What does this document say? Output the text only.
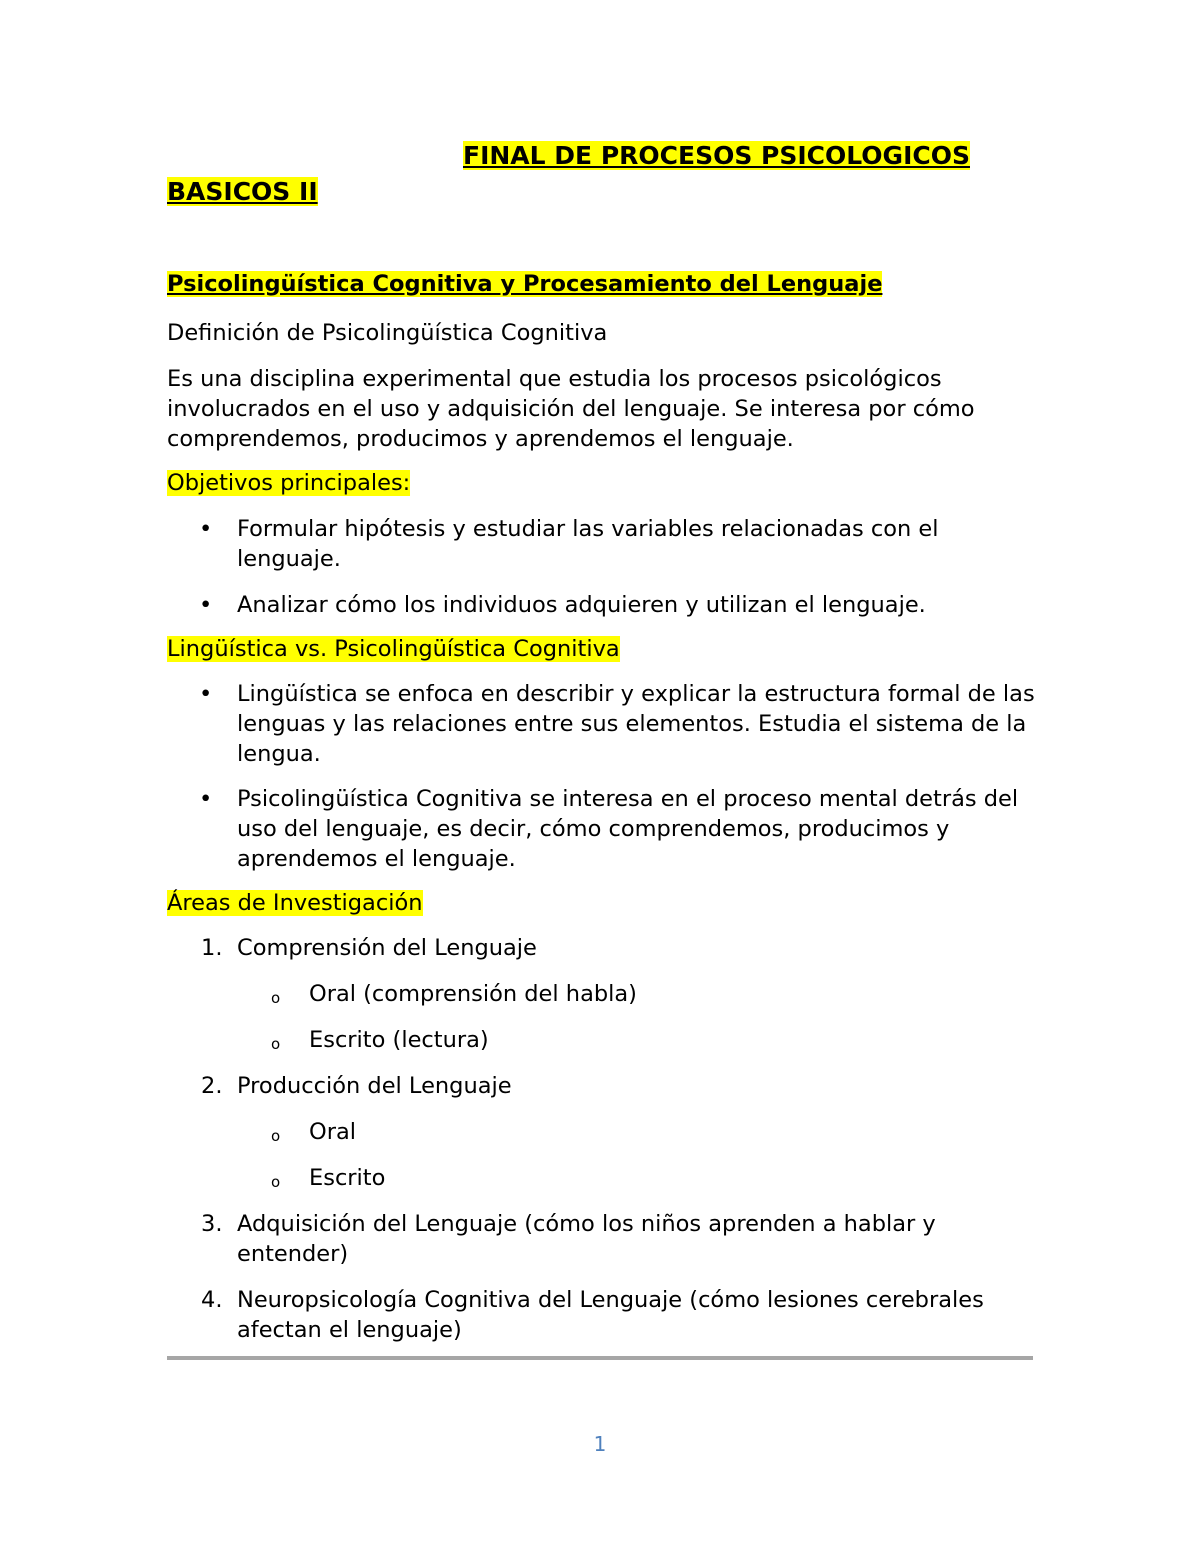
FINAL DE PROCESOS PSICOLOGICOS

BASICOS II

Psicolingüística Cognitiva y Procesamiento del Lenguaje

Definición de Psicolingüística Cognitiva

Es una disciplina experimental que estudia los procesos psicológicos involucrados en el uso y adquisición del lenguaje. Se interesa por cómo comprendemos, producimos y aprendemos el lenguaje.

Objetivos principales:

• Formular hipótesis y estudiar las variables relacionadas con el lenguaje.
• Analizar cómo los individuos adquieren y utilizan el lenguaje.

Lingüística vs. Psicolingüística Cognitiva

• Lingüística se enfoca en describir y explicar la estructura formal de las lenguas y las relaciones entre sus elementos. Estudia el sistema de la lengua.
• Psicolingüística Cognitiva se interesa en el proceso mental detrás del uso del lenguaje, es decir, cómo comprendemos, producimos y aprendemos el lenguaje.

Áreas de Investigación

1. Comprensión del Lenguaje
o Oral (comprensión del habla)
o Escrito (lectura)
2. Producción del Lenguaje
o Oral
o Escrito
3. Adquisición del Lenguaje (cómo los niños aprenden a hablar y entender)
4. Neuropsicología Cognitiva del Lenguaje (cómo lesiones cerebrales afectan el lenguaje)
1
